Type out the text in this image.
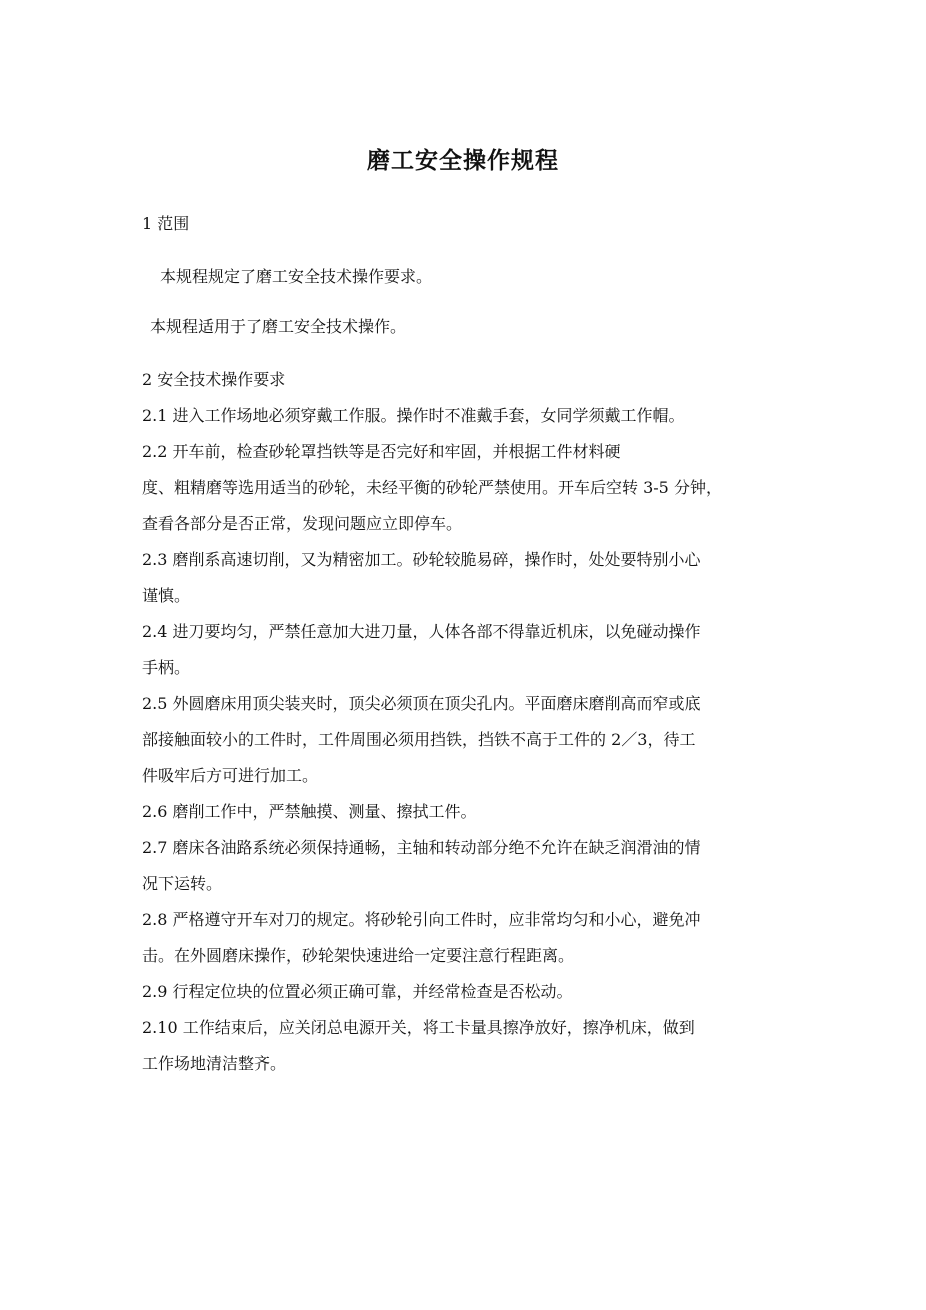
磨工安全操作规程
1 范围
本规程规定了磨工安全技术操作要求。
本规程适用于了磨工安全技术操作。
2 安全技术操作要求
2.1 进入工作场地必须穿戴工作服。操作时不准戴手套，女同学须戴工作帽。
2.2 开车前，检查砂轮罩挡铁等是否完好和牢固，并根据工件材料硬
度、粗精磨等选用适当的砂轮，未经平衡的砂轮严禁使用。开车后空转 3-5 分钟，
查看各部分是否正常，发现问题应立即停车。
2.3 磨削系高速切削，又为精密加工。砂轮较脆易碎，操作时，处处要特别小心
谨慎。
2.4 进刀要均匀，严禁任意加大进刀量，人体各部不得靠近机床，以免碰动操作
手柄。
2.5 外圆磨床用顶尖装夹时，顶尖必须顶在顶尖孔内。平面磨床磨削高而窄或底
部接触面较小的工件时，工件周围必须用挡铁，挡铁不高于工件的 2／3，待工
件吸牢后方可进行加工。
2.6 磨削工作中，严禁触摸、测量、擦拭工件。
2.7 磨床各油路系统必须保持通畅，主轴和转动部分绝不允许在缺乏润滑油的情
况下运转。
2.8 严格遵守开车对刀的规定。将砂轮引向工件时，应非常均匀和小心，避免冲
击。在外圆磨床操作，砂轮架快速进给一定要注意行程距离。
2.9 行程定位块的位置必须正确可靠，并经常检查是否松动。
2.10 工作结束后，应关闭总电源开关，将工卡量具擦净放好，擦净机床，做到
工作场地清洁整齐。
